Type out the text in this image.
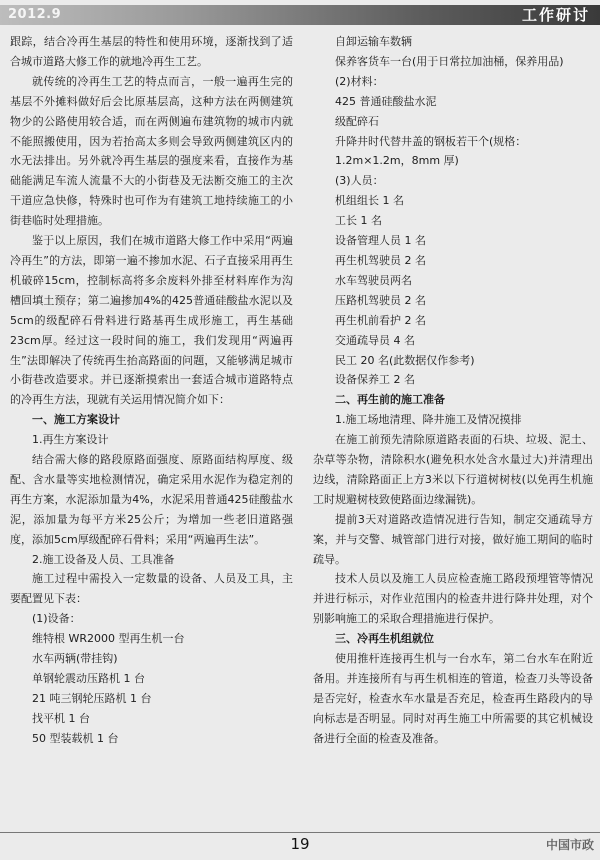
2012.9	工作研讨

跟踪，结合冷再生基层的特性和使用环境，逐渐找到了适合城市道路大修工作的就地冷再生工艺。

就传统的冷再生工艺的特点而言，一般一遍再生完的基层不外摊料做好后会比原基层高，这种方法在两侧建筑物少的公路使用较合适，而在两侧遍布建筑物的城市内就不能照搬使用，因为若抬高太多则会导致两侧建筑区内的水无法排出。另外就冷再生基层的强度来看，直接作为基础能满足车流人流量不大的小街巷及无法断交施工的主次干道应急快修，特殊时也可作为有建筑工地持续施工的小街巷临时处理措施。

鉴于以上原因，我们在城市道路大修工作中采用“两遍冷再生”的方法，即第一遍不掺加水泥、石子直接采用再生机破碎15cm，控制标高将多余废料外排至材料库作为沟槽回填土预存；第二遍掺加4%的425普通硅酸盐水泥以及5cm的级配碎石骨料进行路基再生成形施工，再生基础23cm厚。经过这一段时间的施工，我们发现用“两遍再生”法即解决了传统再生抬高路面的问题，又能够满足城市小街巷改造要求。并已逐渐摸索出一套适合城市道路特点的冷再生方法，现就有关运用情况简介如下：

一、施工方案设计

1.再生方案设计

结合需大修的路段原路面强度、原路面结构厚度、级配、含水量等实地检测情况，确定采用水泥作为稳定剂的再生方案，水泥添加量为4%，水泥采用普通425硅酸盐水泥，添加量为每平方米25公斤；为增加一些老旧道路强度，添加5cm厚级配碎石骨料；采用“两遍再生法”。

2.施工设备及人员、工具准备

施工过程中需投入一定数量的设备、人员及工具，主要配置见下表：

(1)设备：

维特根 WR2000 型再生机一台

水车两辆(带挂钩)

单钢轮震动压路机 1 台

21 吨三钢轮压路机 1 台

找平机 1 台

50 型装载机 1 台

自卸运输车数辆

保养客货车一台(用于日常拉加油桶，保养用品)

(2)材料：

425 普通硅酸盐水泥

级配碎石

升降井时代替井盖的钢板若干个(规格：1.2m×1.2m，8mm 厚)

(3)人员：

机组组长 1 名

工长 1 名

设备管理人员 1 名

再生机驾驶员 2 名

水车驾驶员两名

压路机驾驶员 2 名

再生机前看护 2 名

交通疏导员 4 名

民工 20 名(此数据仅作参考)

设备保养工 2 名

二、再生前的施工准备

1.施工场地清理、降井施工及情况摸排

在施工前预先清除原道路表面的石块、垃圾、泥土、杂草等杂物，清除积水(避免积水处含水量过大)并清理出边线，清除路面正上方3米以下行道树树枝(以免再生机施工时规避树枝致使路面边缘漏铣)。

提前3天对道路改造情况进行告知，制定交通疏导方案，并与交警、城管部门进行对接，做好施工期间的临时疏导。

技术人员以及施工人员应检查施工路段预埋管等情况并进行标示，对作业范围内的检查井进行降井处理，对个别影响施工的采取合理措施进行保护。

三、冷再生机组就位

使用推杆连接再生机与一台水车，第二台水车在附近备用。并连接所有与再生机相连的管道，检查刀头等设备是否完好，检查水车水量是否充足，检查再生路段内的导向标志是否明显。同时对再生施工中所需要的其它机械设备进行全面的检查及准备。

19	中国市政
